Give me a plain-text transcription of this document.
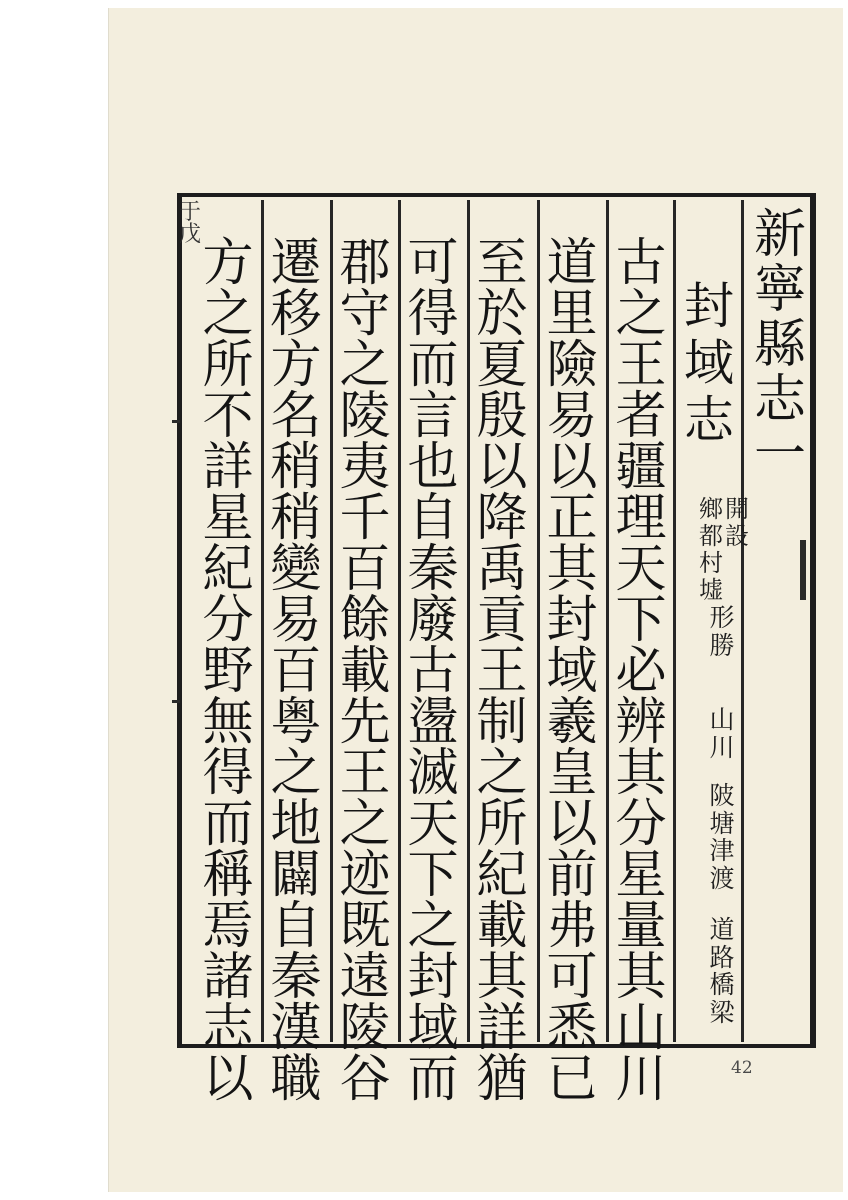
于戊	新
寧
縣
志
一
封
域
志
開
設
鄉
都
村
墟
形
勝
山
川
陂
塘
津
渡
道
路
橋
梁
古
之
王
者
疆
理
天
下
必
辨
其
分
星
量
其
山
川
道
里
險
易
以
正
其
封
域
羲
皇
以
前
弗
可
悉
已
至
於
夏
殷
以
降
禹
貢
王
制
之
所
紀
載
其
詳
猶
可
得
而
言
也
自
秦
廢
古
盪
滅
天
下
之
封
域
而
郡
守
之
陵
夷
千
百
餘
載
先
王
之
迹
既
遠
陵
谷
遷
移
方
名
稍
稍
變
易
百
粤
之
地
闢
自
秦
漢
職
方
之
所
不
詳
星
紀
分
野
無
得
而
稱
焉
諸
志
以	42
